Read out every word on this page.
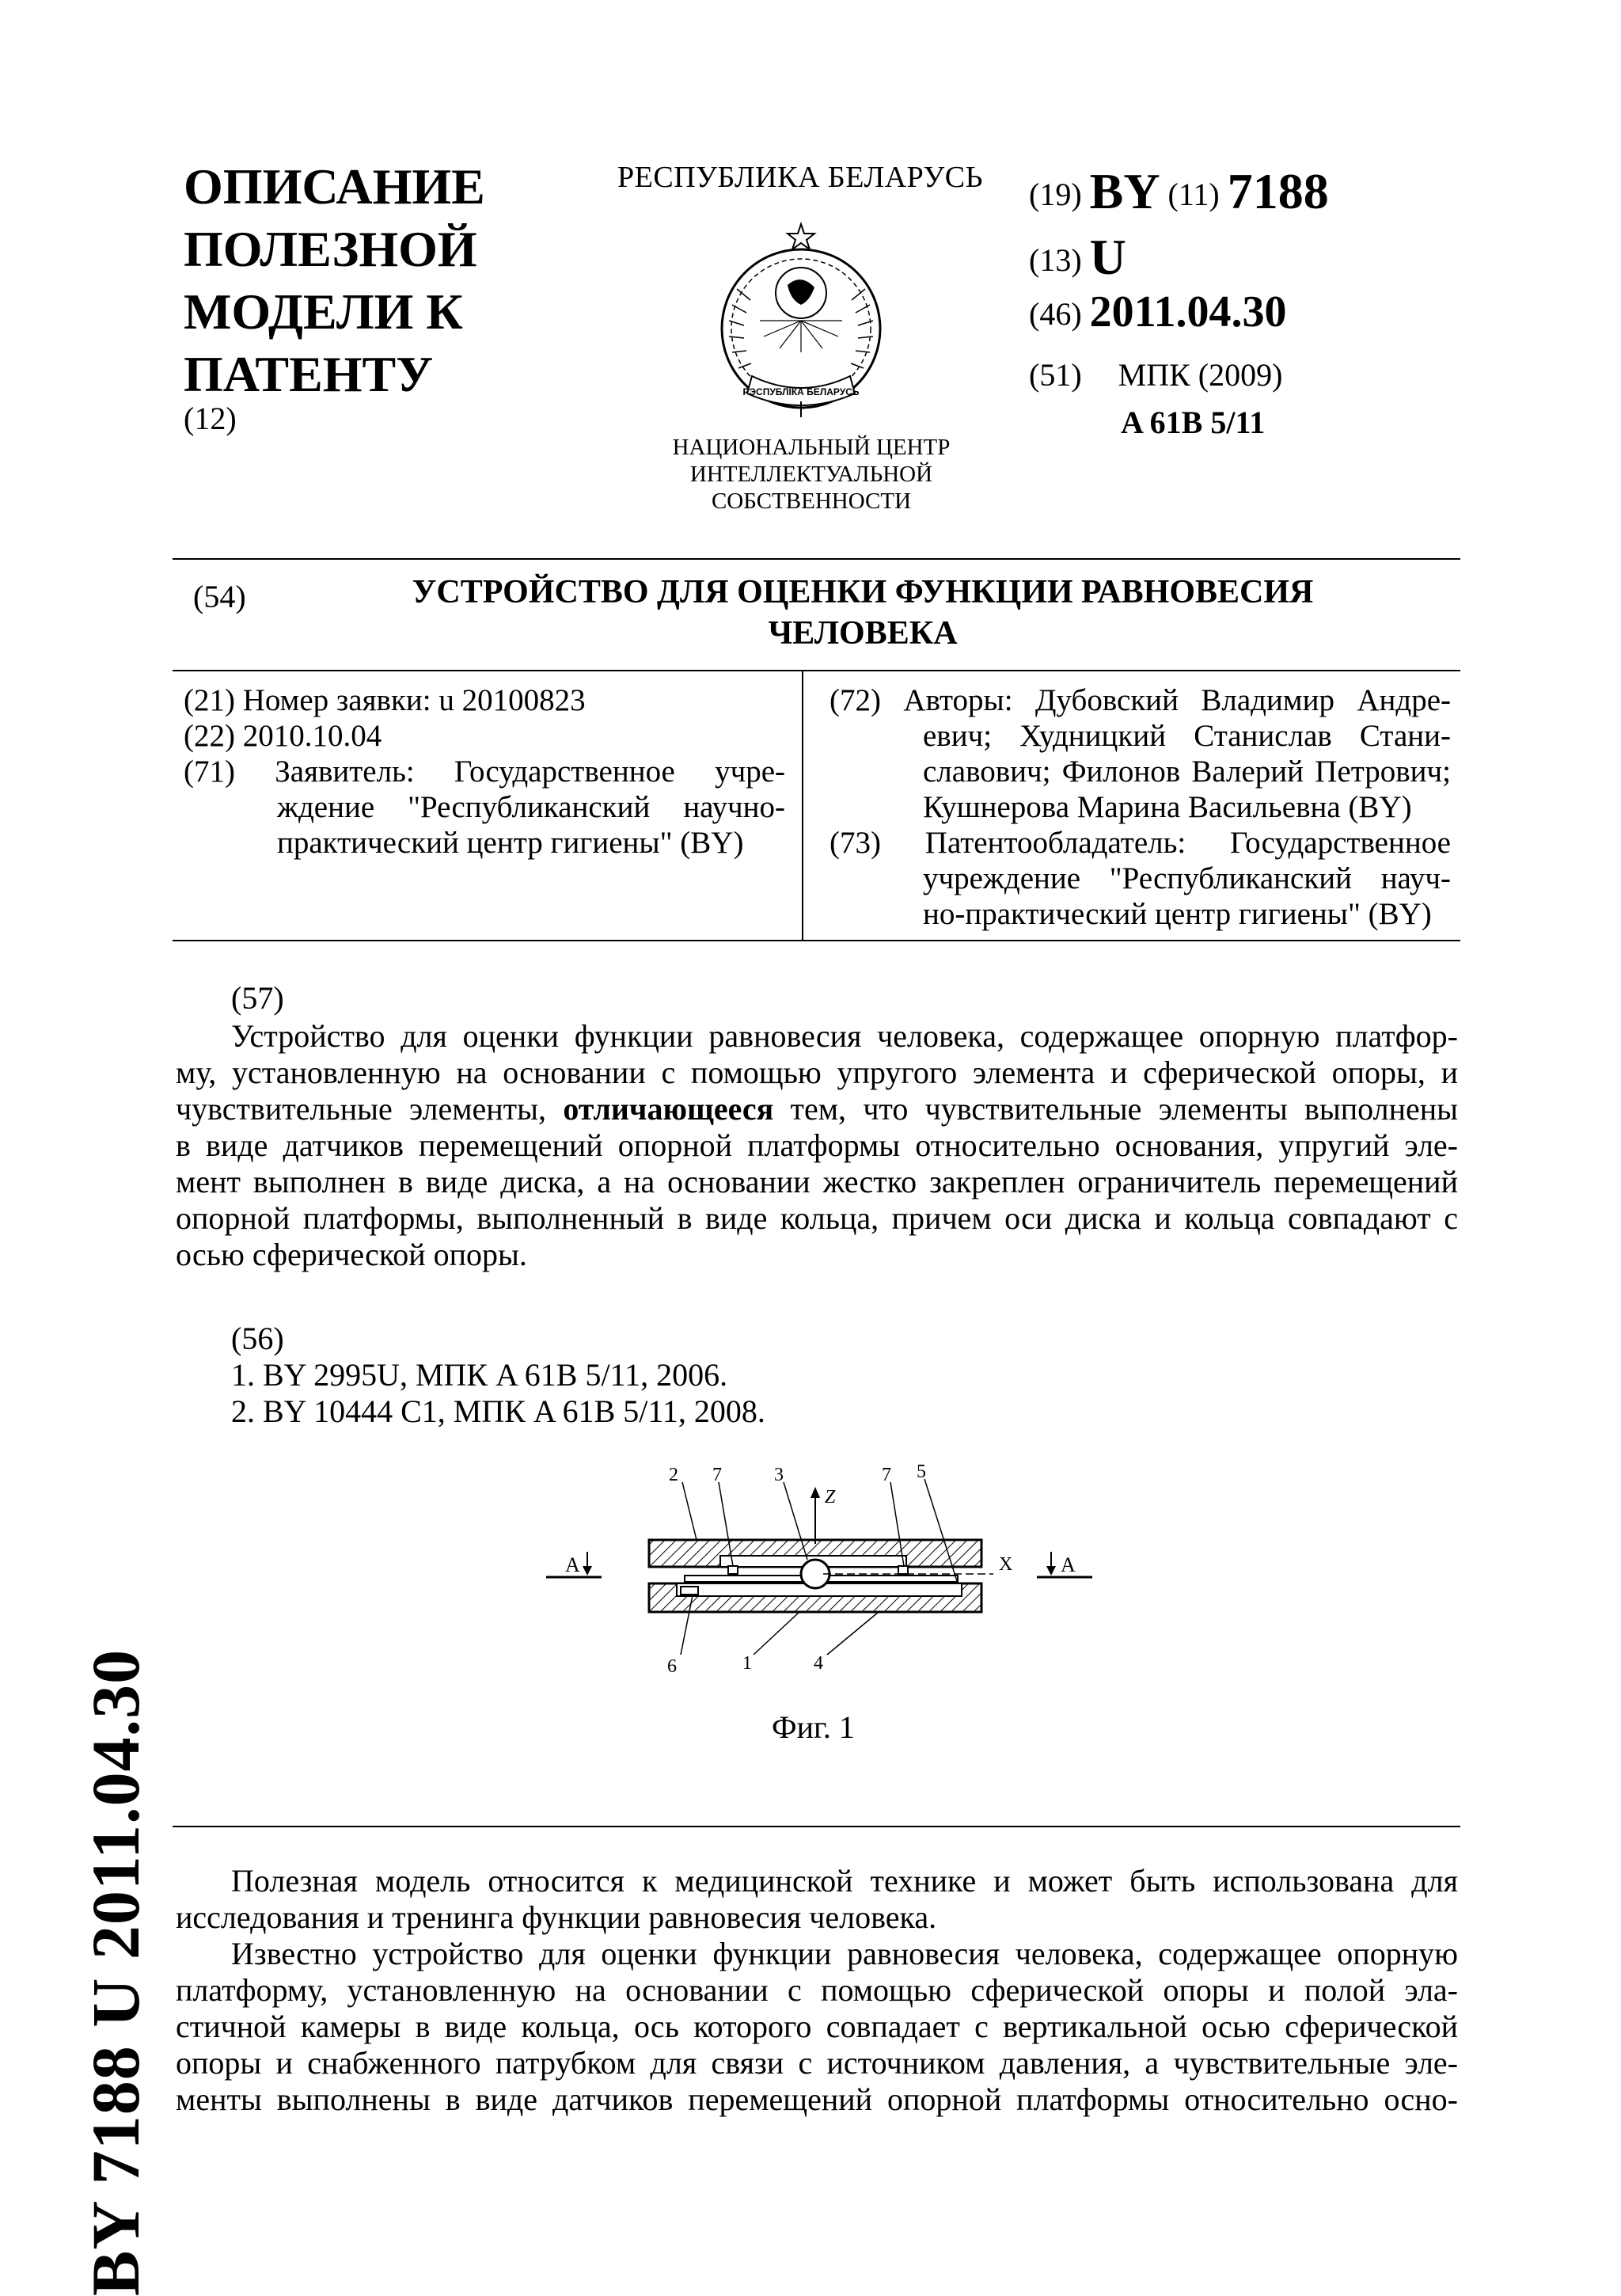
ОПИСАНИЕ
ПОЛЕЗНОЙ
МОДЕЛИ К
ПАТЕНТУ
(12)
РЕСПУБЛИКА БЕЛАРУСЬ
РЭСПУБЛІКА БЕЛАРУСЬ
НАЦИОНАЛЬНЫЙ ЦЕНТР
ИНТЕЛЛЕКТУАЛЬНОЙ
СОБСТВЕННОСТИ
(19) BY (11) 7188
(13) U
(46) 2011.04.30
(51) МПК (2009)
A 61B 5/11
(54)	УСТРОЙСТВО ДЛЯ ОЦЕНКИ ФУНКЦИИ РАВНОВЕСИЯ
ЧЕЛОВЕКА
(21) Номер заявки: u 20100823
(22) 2010.10.04
(71) Заявитель: Государственное учре-
ждение "Республиканский научно-
практический центр гигиены" (BY)
(72) Авторы: Дубовский Владимир Андре-
евич; Худницкий Станислав Стани-
славович; Филонов Валерий Петрович;
Кушнерова Марина Васильевна (BY)
(73) Патентообладатель: Государственное
учреждение "Республиканский науч-
но-практический центр гигиены" (BY)
(57)
Устройство для оценки функции равновесия человека, содержащее опорную платфор-
му, установленную на основании с помощью упругого элемента и сферической опоры, и
чувствительные элементы, отличающееся тем, что чувствительные элементы выполнены
в виде датчиков перемещений опорной платформы относительно основания, упругий эле-
мент выполнен в виде диска, а на основании жестко закреплен ограничитель перемещений
опорной платформы, выполненный в виде кольца, причем оси диска и кольца совпадают с
осью сферической опоры.
(56)
1. BY 2995U, МПК A 61B 5/11, 2006.
2. BY 10444 C1, МПК A 61B 5/11, 2008.
A	A
Z
X
2 7	3	7 5
6	1	4
Фиг. 1
Полезная модель относится к медицинской технике и может быть использована для
исследования и тренинга функции равновесия человека.
Известно устройство для оценки функции равновесия человека, содержащее опорную
платформу, установленную на основании с помощью сферической опоры и полой эла-
стичной камеры в виде кольца, ось которого совпадает с вертикальной осью сферической
опоры и снабженного патрубком для связи с источником давления, а чувствительные эле-
менты выполнены в виде датчиков перемещений опорной платформы относительно осно-
BY 7188 U 2011.04.30
